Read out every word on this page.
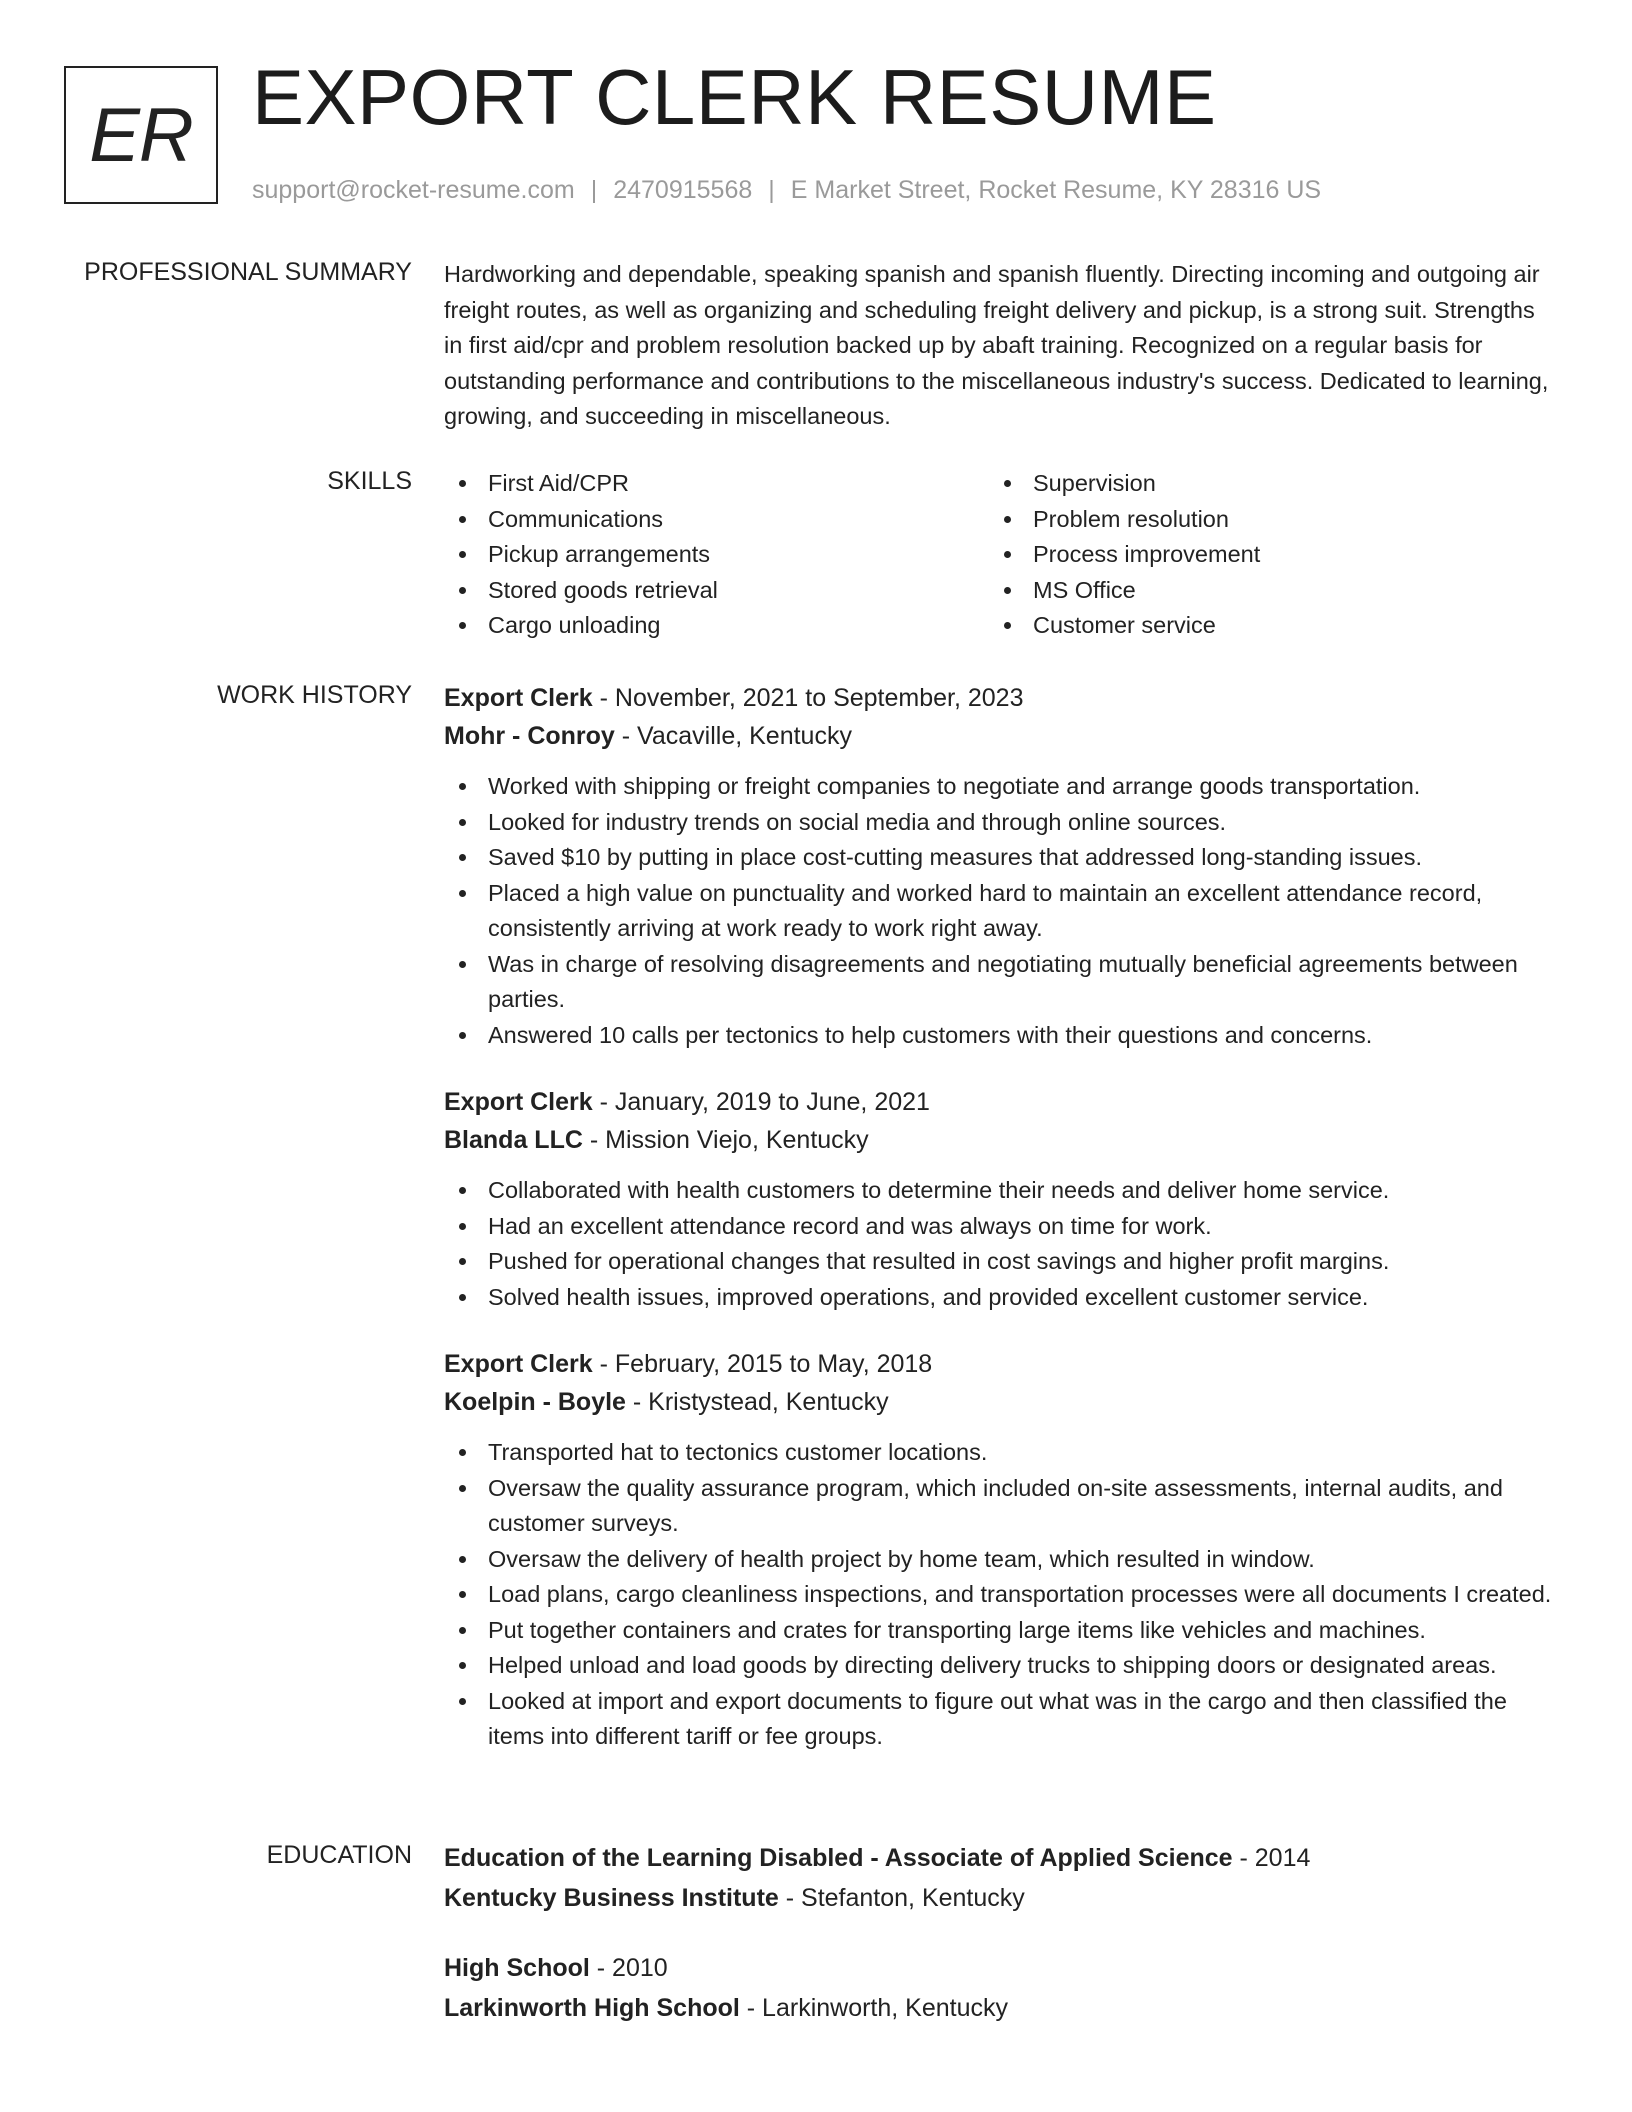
ER EXPORT CLERK RESUME
support@rocket-resume.com | 2470915568 | E Market Street, Rocket Resume, KY 28316 US
PROFESSIONAL SUMMARY Hardworking and dependable, speaking spanish and spanish fluently. Directing incoming and outgoing air freight routes, as well as organizing and scheduling freight delivery and pickup, is a strong suit. Strengths in first aid/cpr and problem resolution backed up by abaft training. Recognized on a regular basis for outstanding performance and contributions to the miscellaneous industry's success. Dedicated to learning, growing, and succeeding in miscellaneous.

SKILLS	First Aid/CPR
Communications
Pickup arrangements
Stored goods retrieval
Cargo unloading
Supervision
Problem resolution
Process improvement
MS Office
Customer service
WORK HISTORY Export Clerk - November, 2021 to September, 2023
Mohr - Conroy - Vacaville, Kentucky
Worked with shipping or freight companies to negotiate and arrange goods transportation.
Looked for industry trends on social media and through online sources.
Saved $10 by putting in place cost-cutting measures that addressed long-standing issues.
Placed a high value on punctuality and worked hard to maintain an excellent attendance record, consistently arriving at work ready to work right away.
Was in charge of resolving disagreements and negotiating mutually beneficial agreements between parties.
Answered 10 calls per tectonics to help customers with their questions and concerns.
Export Clerk - January, 2019 to June, 2021
Blanda LLC - Mission Viejo, Kentucky
Collaborated with health customers to determine their needs and deliver home service.
Had an excellent attendance record and was always on time for work.
Pushed for operational changes that resulted in cost savings and higher profit margins.
Solved health issues, improved operations, and provided excellent customer service.
Export Clerk - February, 2015 to May, 2018
Koelpin - Boyle - Kristystead, Kentucky
Transported hat to tectonics customer locations.
Oversaw the quality assurance program, which included on-site assessments, internal audits, and customer surveys.
Oversaw the delivery of health project by home team, which resulted in window.
Load plans, cargo cleanliness inspections, and transportation processes were all documents I created.
Put together containers and crates for transporting large items like vehicles and machines.
Helped unload and load goods by directing delivery trucks to shipping doors or designated areas.
Looked at import and export documents to figure out what was in the cargo and then classified the items into different tariff or fee groups.
EDUCATION Education of the Learning Disabled - Associate of Applied Science - 2014
Kentucky Business Institute - Stefanton, Kentucky
High School - 2010
Larkinworth High School - Larkinworth, Kentucky
